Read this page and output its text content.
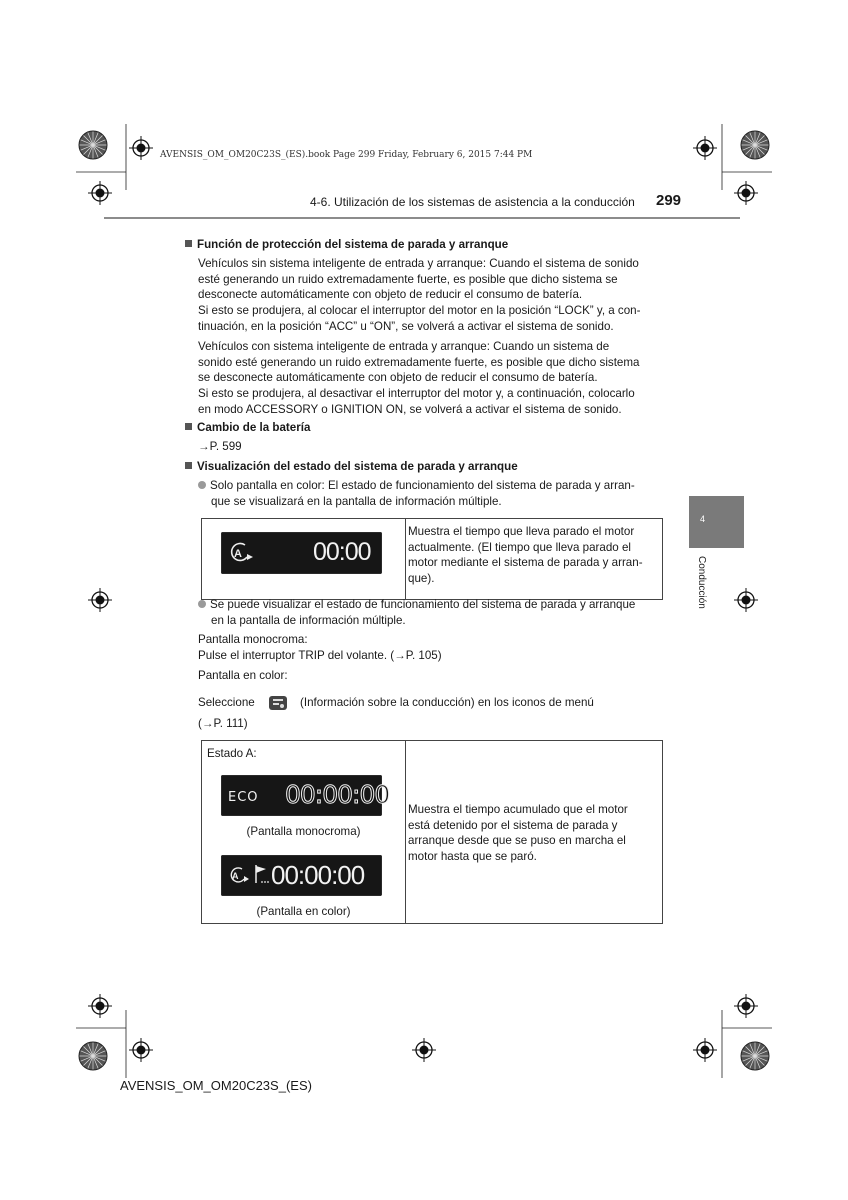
AVENSIS_OM_OM20C23S_(ES).book Page 299 Friday, February 6, 2015 7:44 PM
4-6. Utilización de los sistemas de asistencia a la conducción 299
4
Conducción
Función de protección del sistema de parada y arranque
Vehículos sin sistema inteligente de entrada y arranque: Cuando el sistema de sonido
esté generando un ruido extremadamente fuerte, es posible que dicho sistema se
desconecte automáticamente con objeto de reducir el consumo de batería.
Si esto se produjera, al colocar el interruptor del motor en la posición “LOCK” y, a con-
tinuación, en la posición “ACC” u “ON”, se volverá a activar el sistema de sonido.
Vehículos con sistema inteligente de entrada y arranque: Cuando un sistema de
sonido esté generando un ruido extremadamente fuerte, es posible que dicho sistema
se desconecte automáticamente con objeto de reducir el consumo de batería.
Si esto se produjera, al desactivar el interruptor del motor y, a continuación, colocarlo
en modo ACCESSORY o IGNITION ON, se volverá a activar el sistema de sonido.
Cambio de la batería
→P. 599
Visualización del estado del sistema de parada y arranque
Solo pantalla en color: El estado de funcionamiento del sistema de parada y arran-
que se visualizará en la pantalla de información múltiple.
A	00:00
Muestra el tiempo que lleva parado el motor
actualmente. (El tiempo que lleva parado el
motor mediante el sistema de parada y arran-
que).
Se puede visualizar el estado de funcionamiento del sistema de parada y arranque
en la pantalla de información múltiple.
Pantalla monocroma:
Pulse el interruptor TRIP del volante. (→P. 105)
Pantalla en color:
Seleccione	(Información sobre la conducción) en los iconos de menú
(→P. 111)
Estado A:
ECO 00:00:00
(Pantalla monocroma)
A 00:00:00
(Pantalla en color)
Muestra el tiempo acumulado que el motor
está detenido por el sistema de parada y
arranque desde que se puso en marcha el
motor hasta que se paró.
AVENSIS_OM_OM20C23S_(ES)
